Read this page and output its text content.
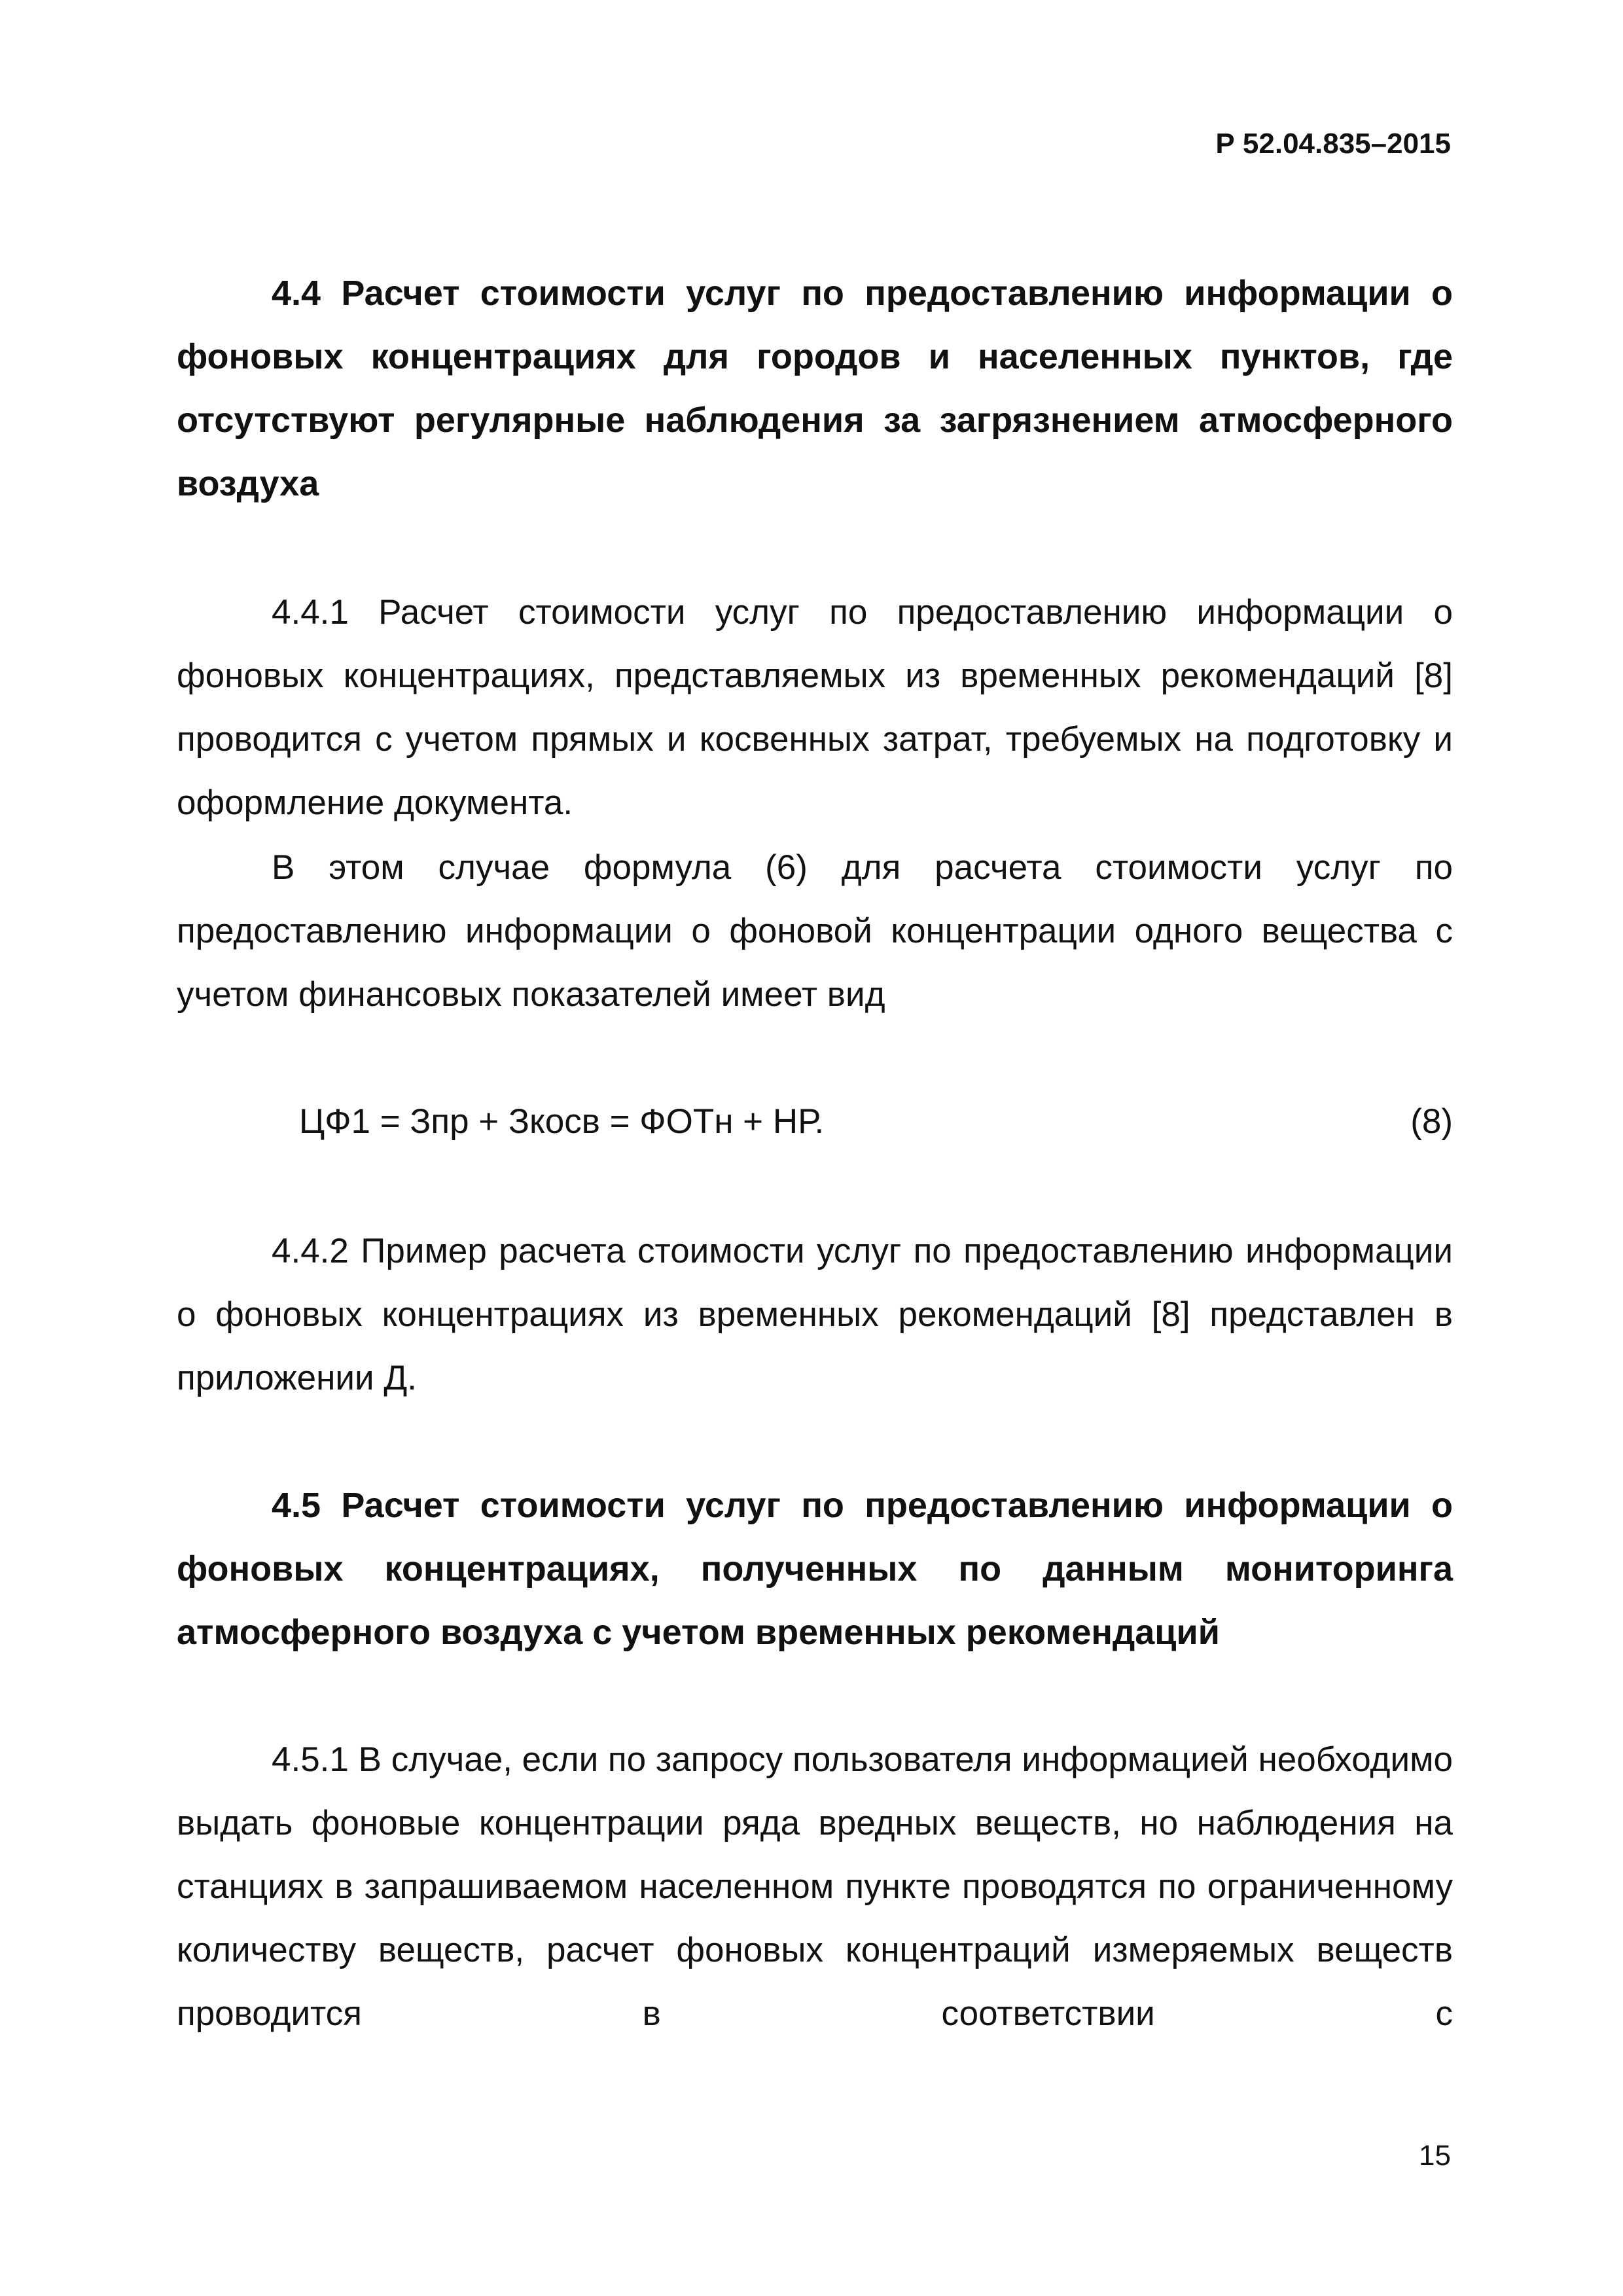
Р 52.04.835–2015

4.4 Расчет стоимости услуг по предоставлению информации о фоновых концентрациях для городов и населенных пунктов, где отсутствуют регулярные наблюдения за загрязнением атмосферного воздуха

4.4.1 Расчет стоимости услуг по предоставлению информации о фоновых концентрациях, представляемых из временных рекомендаций [8] проводится с учетом прямых и косвенных затрат, требуемых на подготовку и оформление документа.

В этом случае формула (6) для расчета стоимости услуг по предоставлению информации о фоновой концентрации одного вещества с учетом финансовых показателей имеет вид

ЦФ1 = Зпр + Зкосв = ФОТн + НР.	(8)

4.4.2 Пример расчета стоимости услуг по предоставлению информации о фоновых концентрациях из временных рекомендаций [8] представлен в приложении Д.

4.5 Расчет стоимости услуг по предоставлению информации о фоновых концентрациях, полученных по данным мониторинга атмосферного воздуха с учетом временных рекомендаций

4.5.1 В случае, если по запросу пользователя информацией необходимо выдать фоновые концентрации ряда вредных веществ, но наблюдения на станциях в запрашиваемом населенном пункте проводятся по ограниченному количеству веществ, расчет фоновых концентраций измеряемых веществ проводится в соответствии с

15
